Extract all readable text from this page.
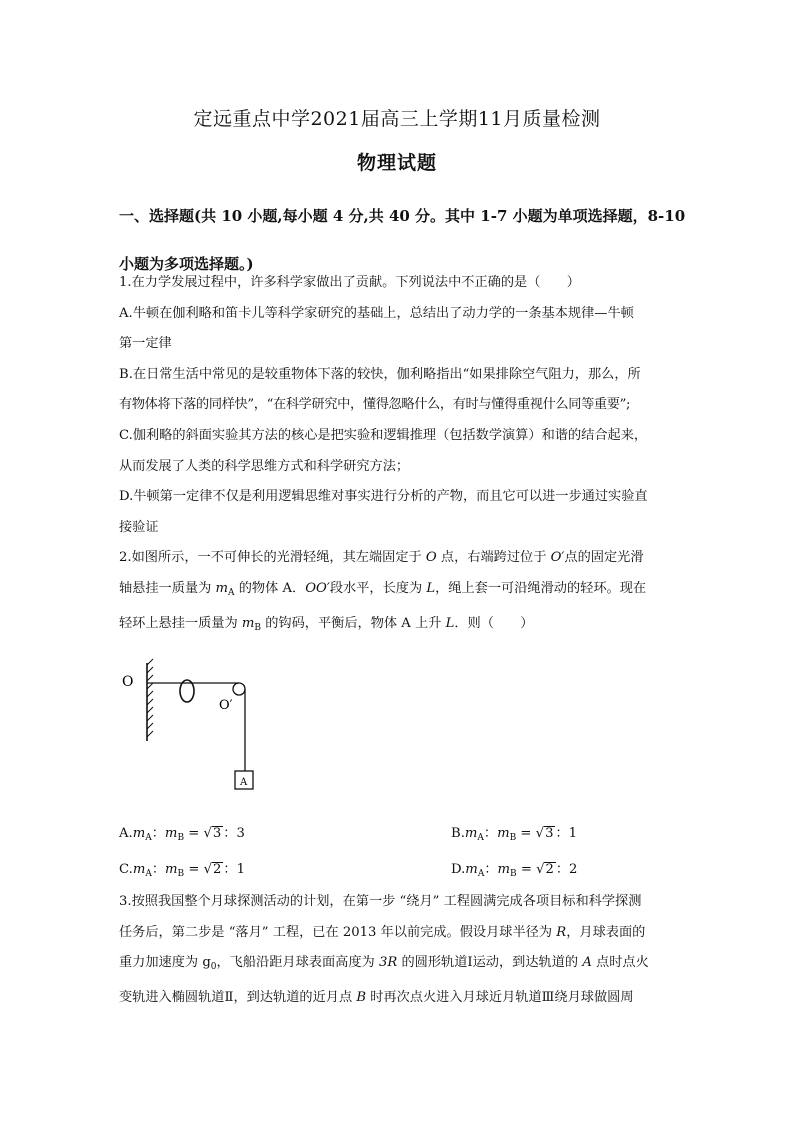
定远重点中学2021届高三上学期11月质量检测
物理试题
一、选择题(共 10 小题,每小题 4 分,共 40 分。其中 1-7 小题为单项选择题，8-10
小题为多项选择题。)
1.在力学发展过程中，许多科学家做出了贡献。下列说法中不正确的是（　　）
A.牛顿在伽利略和笛卡儿等科学家研究的基础上，总结出了动力学的一条基本规律—牛顿
第一定律
B.在日常生活中常见的是较重物体下落的较快，伽利略指出“如果排除空气阻力，那么，所
有物体将下落的同样快”，“在科学研究中，懂得忽略什么，有时与懂得重视什么同等重要”;
C.伽利略的斜面实验其方法的核心是把实验和逻辑推理（包括数学演算）和谐的结合起来，
从而发展了人类的科学思维方式和科学研究方法；
D.牛顿第一定律不仅是利用逻辑思维对事实进行分析的产物，而且它可以进一步通过实验直
接验证
2.如图所示，一不可伸长的光滑轻绳，其左端固定于 O 点，右端跨过位于 O′点的固定光滑
轴悬挂一质量为 $m_A$ 的物体 A．OO′段水平，长度为 L，绳上套一可沿绳滑动的轻环。现在
轻环上悬挂一质量为 $m_B$ 的钩码，平衡后，物体 A 上升 L．则（　　）
A
O
O′
$A.m_A$：$m_B = √3$ ：3	$B.m_A$：$m_B = √3$ ：1
$C.m_A$：$m_B = √2$ ：1	$D.m_A$：$m_B = √2$ ：2
3.按照我国整个月球探测活动的计划，在第一步 “绕月” 工程圆满完成各项目标和科学探测
任务后，第二步是 “落月” 工程，已在 2013 年以前完成。假设月球半径为 R，月球表面的
重力加速度为 $g_0$，飞船沿距月球表面高度为 3R 的圆形轨道Ⅰ运动，到达轨道的 A 点时点火
变轨进入椭圆轨道Ⅱ，到达轨道的近月点 B 时再次点火进入月球近月轨道Ⅲ绕月球做圆周
